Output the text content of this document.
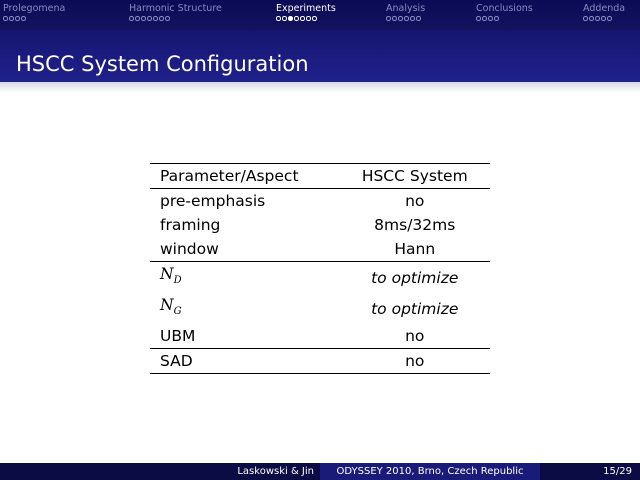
Prolegomena	Harmonic Structure	Experiments	Analysis	Conclusions	Addenda
HSCC System Configuration
Parameter/Aspect	HSCC System
pre-emphasis	no
framing	8ms/32ms
window	Hann
$N_D$	to optimize
$N_G$	to optimize
UBM	no
SAD	no
Laskowski & Jin	ODYSSEY 2010, Brno, Czech Republic	15/29
